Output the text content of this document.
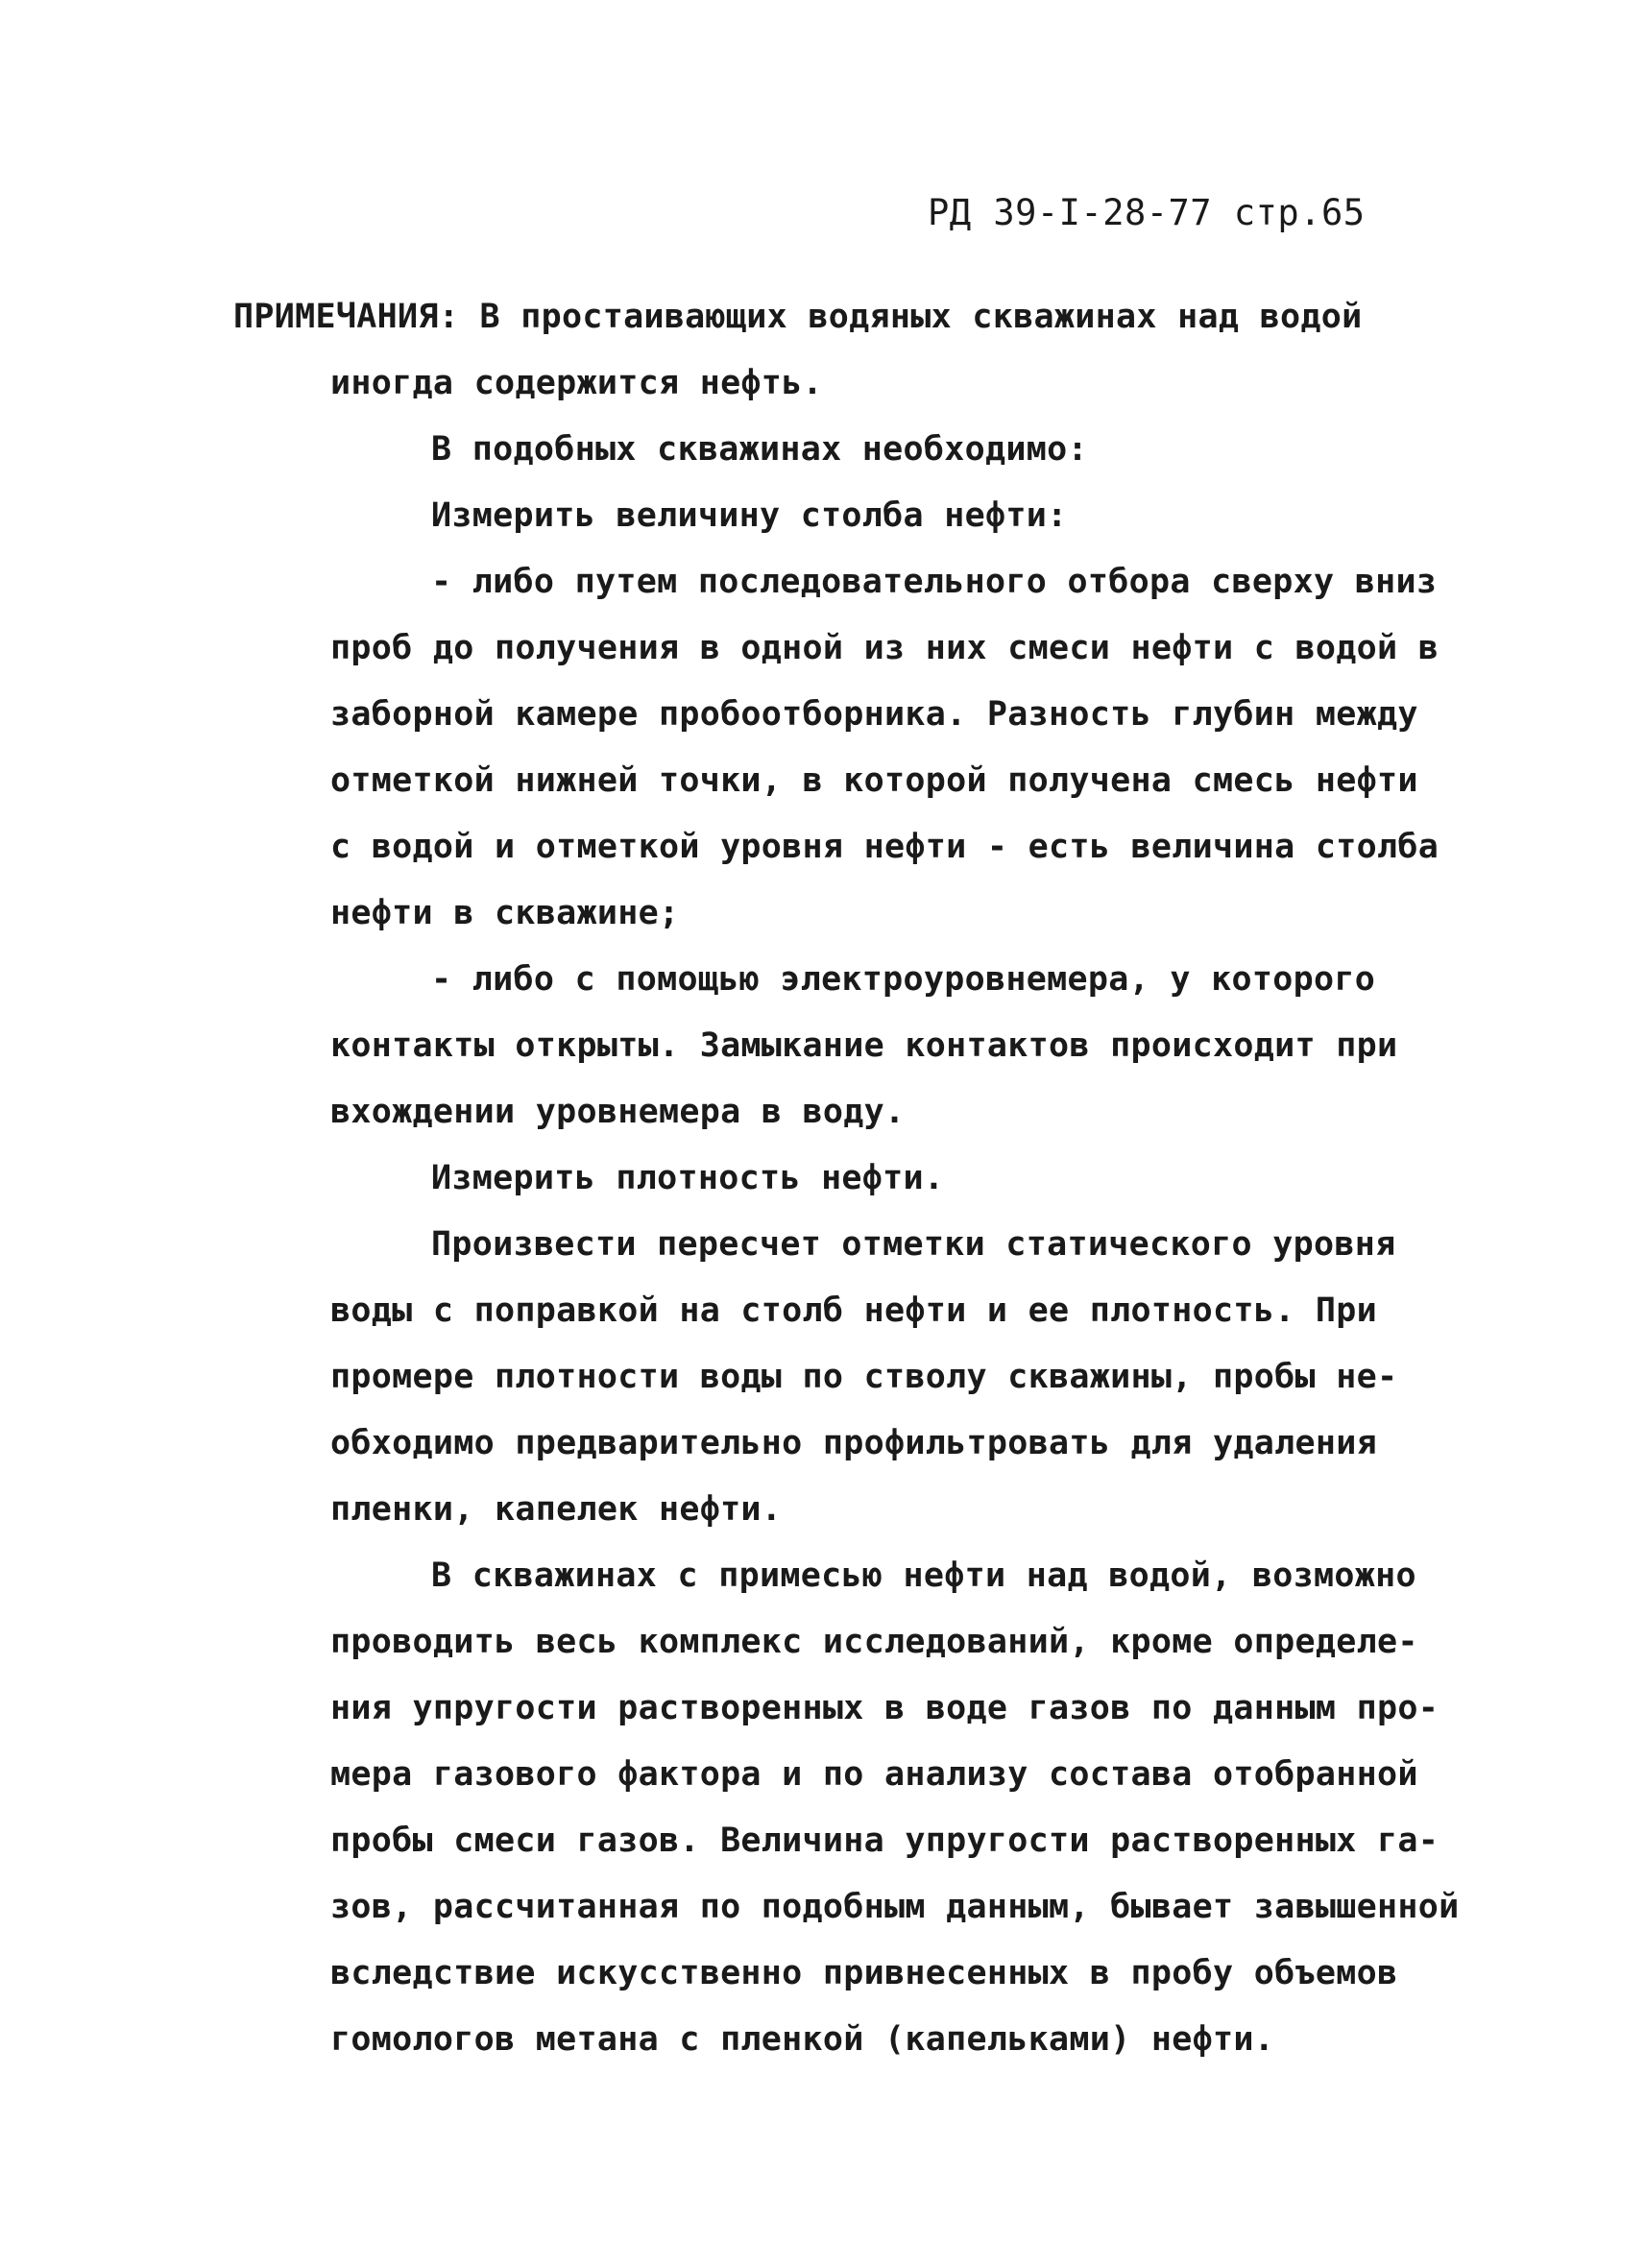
РД 39-I-28-77 стр.65
ПРИМЕЧАНИЯ: В простаивающих водяных скважинах над водой
иногда содержится нефть.
В подобных скважинах необходимо:
Измерить величину столба нефти:
- либо путем последовательного отбора сверху вниз
проб до получения в одной из них смеси нефти с водой в
заборной камере пробоотборника. Разность глубин между
отметкой нижней точки, в которой получена смесь нефти
с водой и отметкой уровня нефти - есть величина столба
нефти в скважине;
- либо с помощью электроуровнемера, у которого
контакты открыты. Замыкание контактов происходит при
вхождении уровнемера в воду.
Измерить плотность нефти.
Произвести пересчет отметки статического уровня
воды с поправкой на столб нефти и ее плотность. При
промере плотности воды по стволу скважины, пробы не-
обходимо предварительно профильтровать для удаления
пленки, капелек нефти.
В скважинах с примесью нефти над водой, возможно
проводить весь комплекс исследований, кроме определе-
ния упругости растворенных в воде газов по данным про-
мера газового фактора и по анализу состава отобранной
пробы смеси газов. Величина упругости растворенных га-
зов, рассчитанная по подобным данным, бывает завышенной
вследствие искусственно привнесенных в пробу объемов
гомологов метана с пленкой (капельками) нефти.
